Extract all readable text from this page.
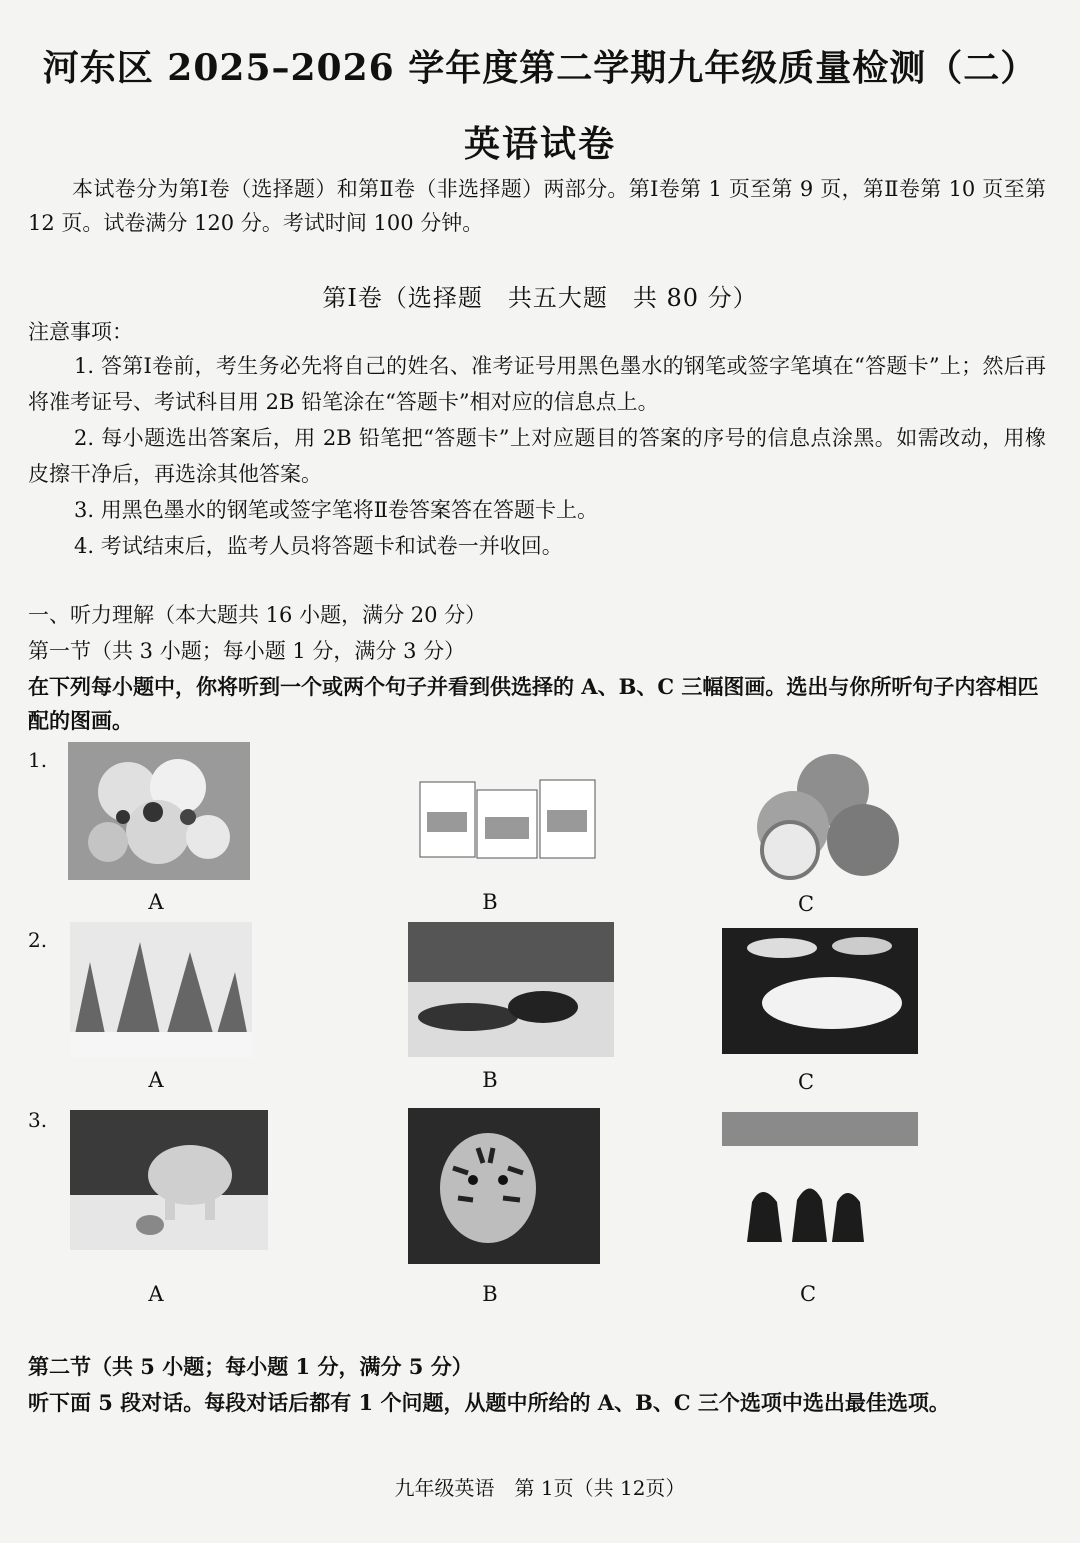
河东区 2025–2026 学年度第二学期九年级质量检测（二）
英语试卷
本试卷分为第Ⅰ卷（选择题）和第Ⅱ卷（非选择题）两部分。第Ⅰ卷第 1 页至第 9 页，第Ⅱ卷第 10 页至第 12 页。试卷满分 120 分。考试时间 100 分钟。
第Ⅰ卷（选择题　共五大题　共 80 分）
注意事项：
1. 答第Ⅰ卷前，考生务必先将自己的姓名、准考证号用黑色墨水的钢笔或签字笔填在“答题卡”上；然后再将准考证号、考试科目用 2B 铅笔涂在“答题卡”相对应的信息点上。
2. 每小题选出答案后，用 2B 铅笔把“答题卡”上对应题目的答案的序号的信息点涂黑。如需改动，用橡皮擦干净后，再选涂其他答案。
3. 用黑色墨水的钢笔或签字笔将Ⅱ卷答案答在答题卡上。
4. 考试结束后，监考人员将答题卡和试卷一并收回。
一、听力理解（本大题共 16 小题，满分 20 分）
第一节（共 3 小题；每小题 1 分，满分 3 分）
在下列每小题中，你将听到一个或两个句子并看到供选择的 A、B、C 三幅图画。选出与你所听句子内容相匹配的图画。
1.
A	B	C
2.
A	B	C
3.
A	B	C
第二节（共 5 小题；每小题 1 分，满分 5 分）
听下面 5 段对话。每段对话后都有 1 个问题，从题中所给的 A、B、C 三个选项中选出最佳选项。
九年级英语　第 1页（共 12页）
